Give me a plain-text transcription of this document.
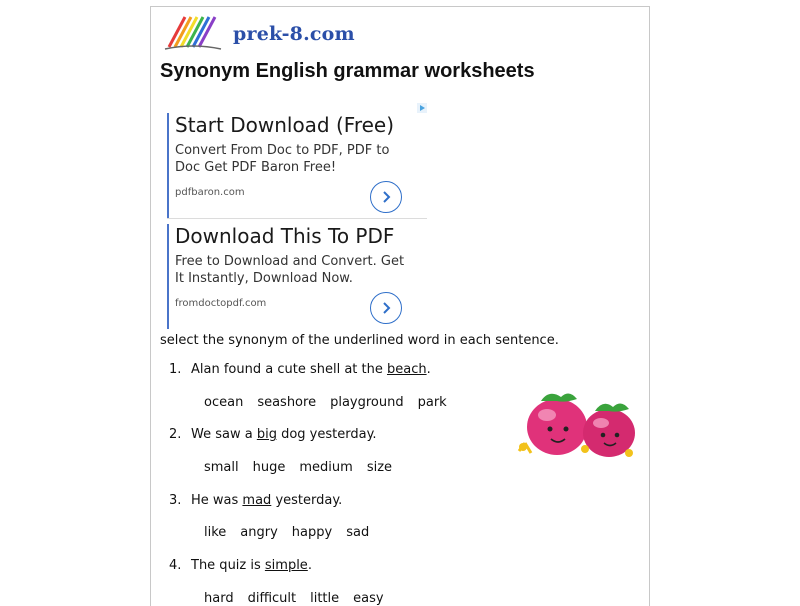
prek-8.com
Synonym English grammar worksheets
Start Download (Free)
Convert From Doc to PDF, PDF to Doc Get PDF Baron Free!
pdfbaron.com
Download This To PDF
Free to Download and Convert. Get It Instantly, Download Now.
fromdoctopdf.com
select the synonym of the underlined word in each sentence.
1. Alan found a cute shell at the beach.
ocean seashore playground park
2. We saw a big dog yesterday.
small huge medium size
3. He was mad yesterday.
like angry happy sad
4. The quiz is simple.
hard difficult little easy
